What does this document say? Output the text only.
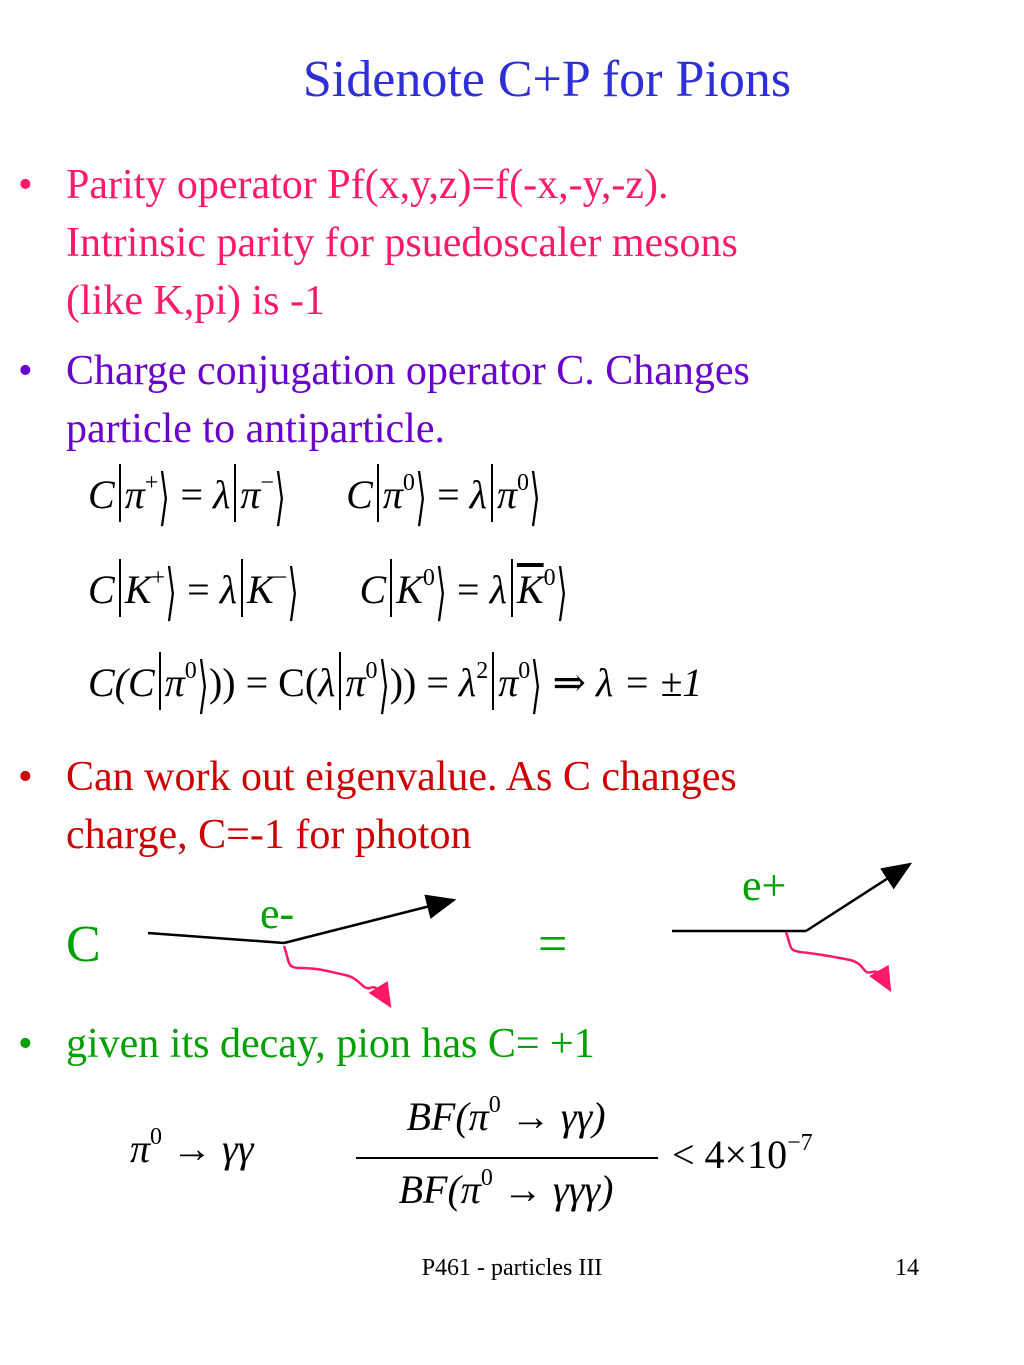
Sidenote C+P for Pions
• Parity operator Pf(x,y,z)=f(-x,-y,-z).
Intrinsic parity for psuedoscaler mesons
(like K,pi) is -1
• Charge conjugation operator C. Changes
particle to antiparticle.
C π+⟩ = λ π−⟩ C $\pi^0⟩ = \lambda$ $\pi^0⟩$
C K+⟩ = λ K−⟩ C $K^0⟩ = \lambda$ $\overline{K}^0⟩$
C(C $\pi^0⟩)) = C(\lambda$ $\pi^0⟩)) = \lambda^2$ $\pi^0⟩$ ⇒ λ = ±1
• Can work out eigenvalue. As C changes
charge, C=-1 for photon
C
e-
e+
=
• given its decay, pion has C= +1
$\pi^0 \to \gamma\gamma$
$BF(\pi^0 \to \gamma\gamma)$
$BF(\pi^0 \to \gamma\gamma\gamma)$
< $4\times 10^{-7}$
P461 - particles III	14
